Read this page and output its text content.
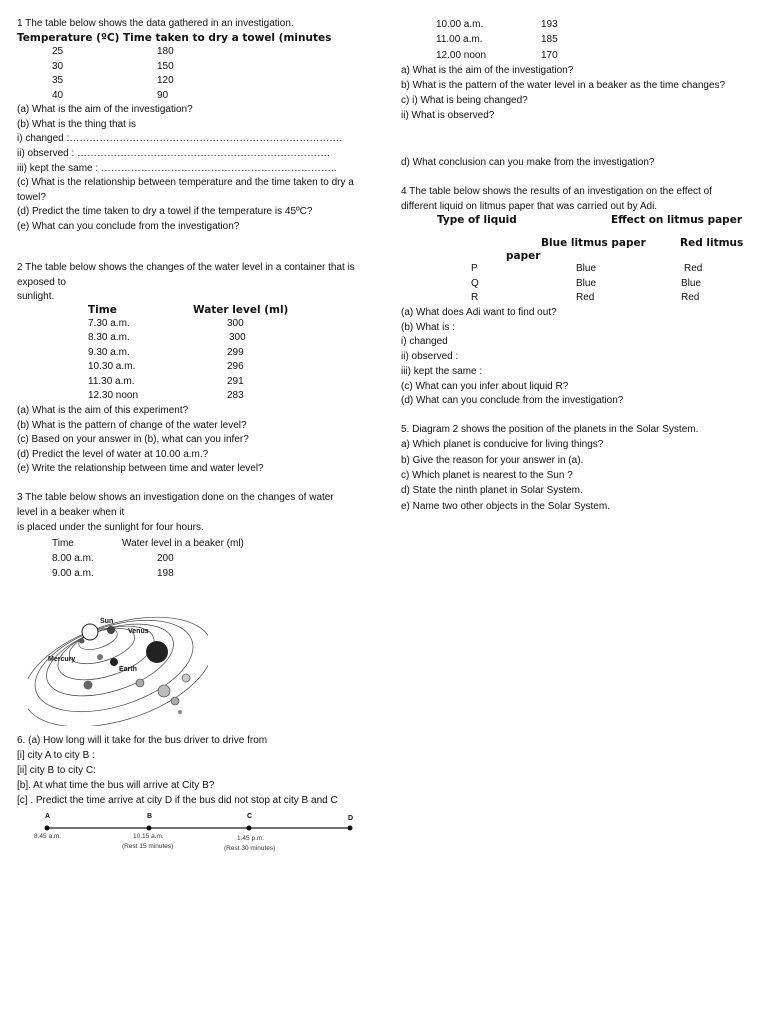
1 The table below shows the data gathered in an investigation.
Temperature (ºC) Time taken to dry a towel (minutes
25	180
30	150
35	120
40	90
(a) What is the aim of the investigation?
(b) What is the thing that is
i) changed :……………………………………………………………………….
ii) observed : ………………………………………………………………….
iii) kept the same : ……………………………………………………………..
(c) What is the relationship between temperature and the time taken to dry a
towel?
(d) Predict the time taken to dry a towel if the temperature is 45ºC?
(e) What can you conclude from the investigation?
2 The table below shows the changes of the water level in a container that is
exposed to
sunlight.
Time	Water level (ml)
7.30 a.m.	300
8.30 a.m.	300
9.30 a.m.	299
10.30 a.m.	296
11.30 a.m.	291
12.30 noon	283
(a) What is the aim of this experiment?
(b) What is the pattern of change of the water level?
(c) Based on your answer in (b), what can you infer?
(d) Predict the level of water at 10.00 a.m.?
(e) Write the relationship between time and water level?
3 The table below shows an investigation done on the changes of water
level in a beaker when it
is placed under the sunlight for four hours.
Time	Water level in a beaker (ml)
8.00 a.m.	200
9.00 a.m.	198
10.00 a.m.	193
11.00 a.m.	185
12.00 noon	170
a) What is the aim of the investigation?
b) What is the pattern of the water level in a beaker as the time changes?
c) i) What is being changed?
ii) What is observed?
d) What conclusion can you make from the investigation?
4 The table below shows the results of an investigation on the effect of
different liquid on litmus paper that was carried out by Adi.
Type of liquid	Effect on litmus paper
Blue litmus paper	Red litmus
paper
P	Blue	Red
Q	Blue	Blue
R	Red	Red
(a) What does Adi want to find out?
(b) What is :
i) changed
ii) observed :
iii) kept the same :
(c) What can you infer about liquid R?
(d) What can you conclude from the investigation?
5. Diagram 2 shows the position of the planets in the Solar System.
a) Which planet is conducive for living things?
b) Give the reason for your answer in (a).
c) Which planet is nearest to the Sun ?
d) State the ninth planet in Solar System.
e) Name two other objects in the Solar System.
Sun
Venus
Mercury
Earth
6. (a) How long will it take for the bus driver to drive from
[i] city A to city B :
[ii] city B to city C:
[b]. At what time the bus will arrive at City B?
[c] . Predict the time arrive at city D if the bus did not stop at city B and C
A	B	C	D
8.45 a.m.	10.15 a.m.
(Rest 15 minutes)
1.45 p.m.
(Rest 30 minutes)
